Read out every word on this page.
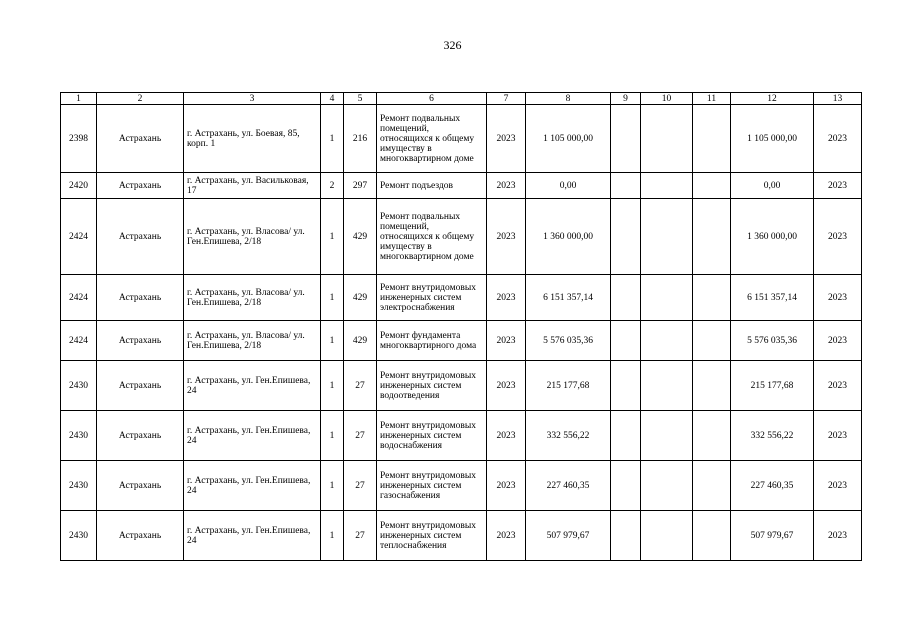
326
1	2	3	4	5	6	7	8	9	10	11	12	13
2398	Астрахань	г. Астрахань, ул. Боевая, 85, корп. 1	1	216	Ремонт подвальных помещений, относящихся к общему имуществу в многоквартирном доме	2023	1 105 000,00				1 105 000,00	2023
2420	Астрахань	г. Астрахань, ул. Васильковая, 17	2	297	Ремонт подъездов	2023	0,00				0,00	2023
2424	Астрахань	г. Астрахань, ул. Власова/ ул. Ген.Епишева, 2/18	1	429	Ремонт подвальных помещений, относящихся к общему имуществу в многоквартирном доме	2023	1 360 000,00				1 360 000,00	2023
2424	Астрахань	г. Астрахань, ул. Власова/ ул. Ген.Епишева, 2/18	1	429	Ремонт внутридомовых инженерных систем электроснабжения	2023	6 151 357,14				6 151 357,14	2023
2424	Астрахань	г. Астрахань, ул. Власова/ ул. Ген.Епишева, 2/18	1	429	Ремонт фундамента многоквартирного дома	2023	5 576 035,36				5 576 035,36	2023
2430	Астрахань	г. Астрахань, ул. Ген.Епишева, 24	1	27	Ремонт внутридомовых инженерных систем водоотведения	2023	215 177,68				215 177,68	2023
2430	Астрахань	г. Астрахань, ул. Ген.Епишева, 24	1	27	Ремонт внутридомовых инженерных систем водоснабжения	2023	332 556,22				332 556,22	2023
2430	Астрахань	г. Астрахань, ул. Ген.Епишева, 24	1	27	Ремонт внутридомовых инженерных систем газоснабжения	2023	227 460,35				227 460,35	2023
2430	Астрахань	г. Астрахань, ул. Ген.Епишева, 24	1	27	Ремонт внутридомовых инженерных систем теплоснабжения	2023	507 979,67				507 979,67	2023
